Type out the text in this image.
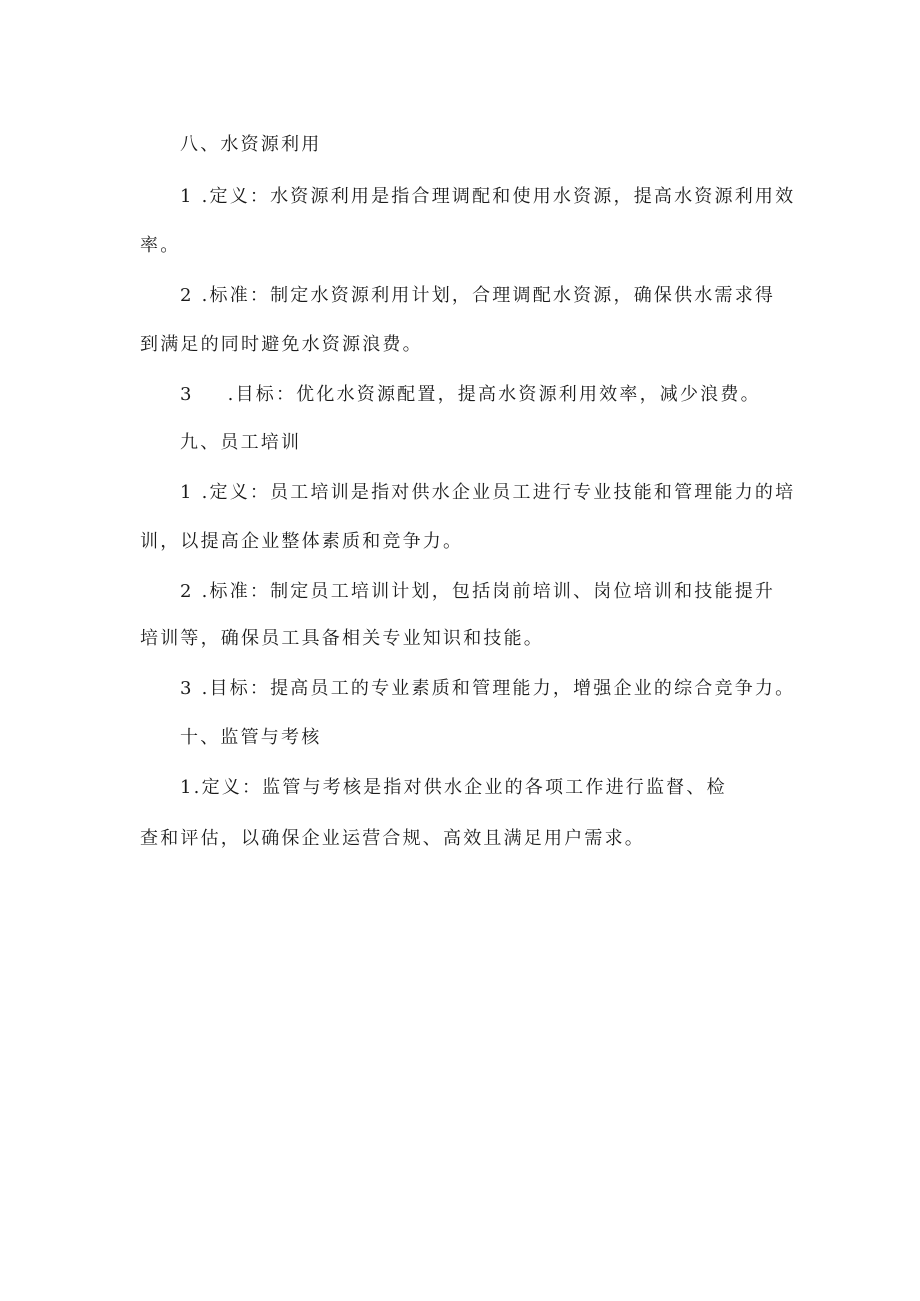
八、水资源利用
1 .定义：水资源利用是指合理调配和使用水资源，提高水资源利用效
率。
2 .标准：制定水资源利用计划，合理调配水资源，确保供水需求得
到满足的同时避免水资源浪费。
3 .目标：优化水资源配置，提高水资源利用效率，减少浪费。
九、员工培训
1 .定义：员工培训是指对供水企业员工进行专业技能和管理能力的培
训，以提高企业整体素质和竞争力。
2 .标准：制定员工培训计划，包括岗前培训、岗位培训和技能提升
培训等，确保员工具备相关专业知识和技能。
3 .目标：提高员工的专业素质和管理能力，增强企业的综合竞争力。
十、监管与考核
1.定义：监管与考核是指对供水企业的各项工作进行监督、检
查和评估，以确保企业运营合规、高效且满足用户需求。
